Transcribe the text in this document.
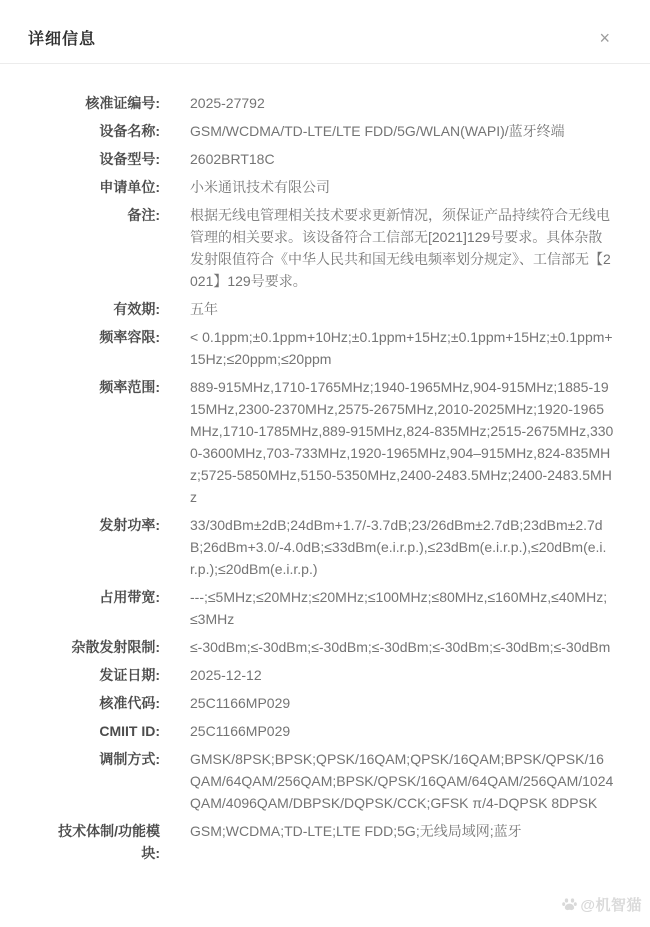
详细信息	×
核准证编号: 2025-27792
设备名称: GSM/WCDMA/TD-LTE/LTE FDD/5G/WLAN(WAPI)/蓝牙终端
设备型号: 2602BRT18C
申请单位: 小米通讯技术有限公司
备注: 根据无线电管理相关技术要求更新情况，须保证产品持续符合无线电管理的相关要求。该设备符合工信部无[2021]129号要求。具体杂散发射限值符合《中华人民共和国无线电频率划分规定》、工信部无【2021】129号要求。
有效期: 五年
频率容限: < 0.1ppm;±0.1ppm+10Hz;±0.1ppm+15Hz;±0.1ppm+15Hz;±0.1ppm+15Hz;≤20ppm;≤20ppm
频率范围: 889-915MHz,1710-1765MHz;1940-1965MHz,904-915MHz;1885-1915MHz,2300-2370MHz,2575-2675MHz,2010-2025MHz;1920-1965MHz,1710-1785MHz,889-915MHz,824-835MHz;2515-2675MHz,3300-3600MHz,703-733MHz,1920-1965MHz,904–915MHz,824-835MHz;5725-5850MHz,5150-5350MHz,2400-2483.5MHz;2400-2483.5MHz
发射功率: 33/30dBm±2dB;24dBm+1.7/-3.7dB;23/26dBm±2.7dB;23dBm±2.7dB;26dBm+3.0/-4.0dB;≤33dBm(e.i.r.p.),≤23dBm(e.i.r.p.),≤20dBm(e.i.r.p.);≤20dBm(e.i.r.p.)
占用带宽: ---;≤5MHz;≤20MHz;≤20MHz;≤100MHz;≤80MHz,≤160MHz,≤40MHz;≤3MHz
杂散发射限制: ≤-30dBm;≤-30dBm;≤-30dBm;≤-30dBm;≤-30dBm;≤-30dBm;≤-30dBm
发证日期: 2025-12-12
核准代码: 25C1166MP029
CMIIT ID: 25C1166MP029
调制方式: GMSK/8PSK;BPSK;QPSK/16QAM;QPSK/16QAM;BPSK/QPSK/16QAM/64QAM/256QAM;BPSK/QPSK/16QAM/64QAM/256QAM/1024QAM/4096QAM/DBPSK/DQPSK/CCK;GFSK π/4-DQPSK 8DPSK
技术体制/功能模块:
GSM;WCDMA;TD-LTE;LTE FDD;5G;无线局域网;蓝牙
@机智猫
